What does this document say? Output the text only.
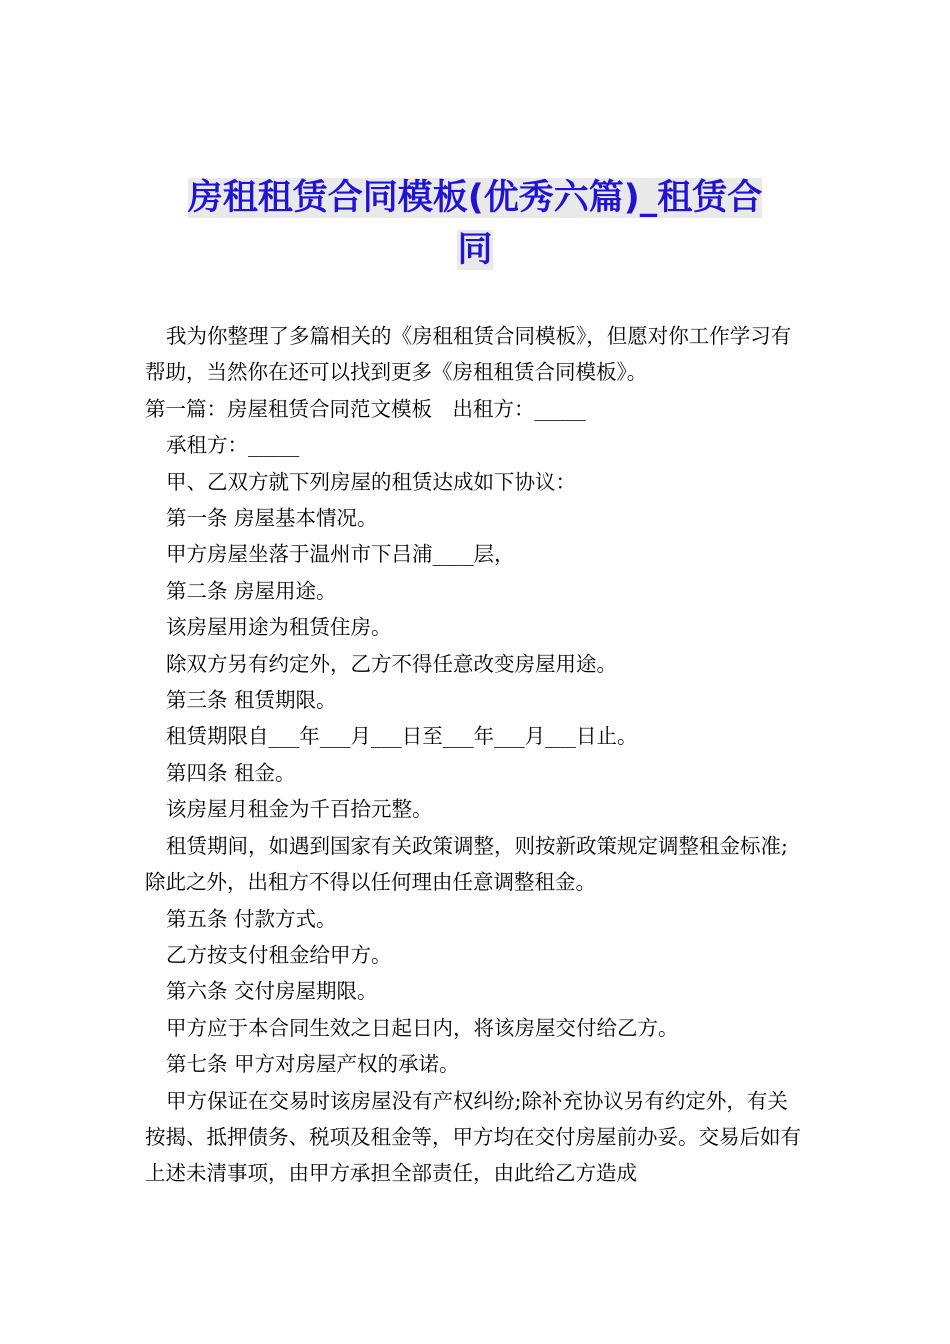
房租租赁合同模板(优秀六篇)_租赁合
同

我为你整理了多篇相关的《房租租赁合同模板》，但愿对你工作学习有帮助，当然你在还可以找到更多《房租租赁合同模板》。

第一篇：房屋租赁合同范文模板　出租方：_____

承租方：_____

甲、乙双方就下列房屋的租赁达成如下协议：

第一条 房屋基本情况。

甲方房屋坐落于温州市下吕浦____层，

第二条 房屋用途。

该房屋用途为租赁住房。

除双方另有约定外，乙方不得任意改变房屋用途。

第三条 租赁期限。

租赁期限自___年___月___日至___年___月___日止。

第四条 租金。

该房屋月租金为千百拾元整。

租赁期间，如遇到国家有关政策调整，则按新政策规定调整租金标准;除此之外，出租方不得以任何理由任意调整租金。

第五条 付款方式。

乙方按支付租金给甲方。

第六条 交付房屋期限。

甲方应于本合同生效之日起日内，将该房屋交付给乙方。

第七条 甲方对房屋产权的承诺。

甲方保证在交易时该房屋没有产权纠纷;除补充协议另有约定外，有关按揭、抵押债务、税项及租金等，甲方均在交付房屋前办妥。交易后如有上述未清事项，由甲方承担全部责任，由此给乙方造成
